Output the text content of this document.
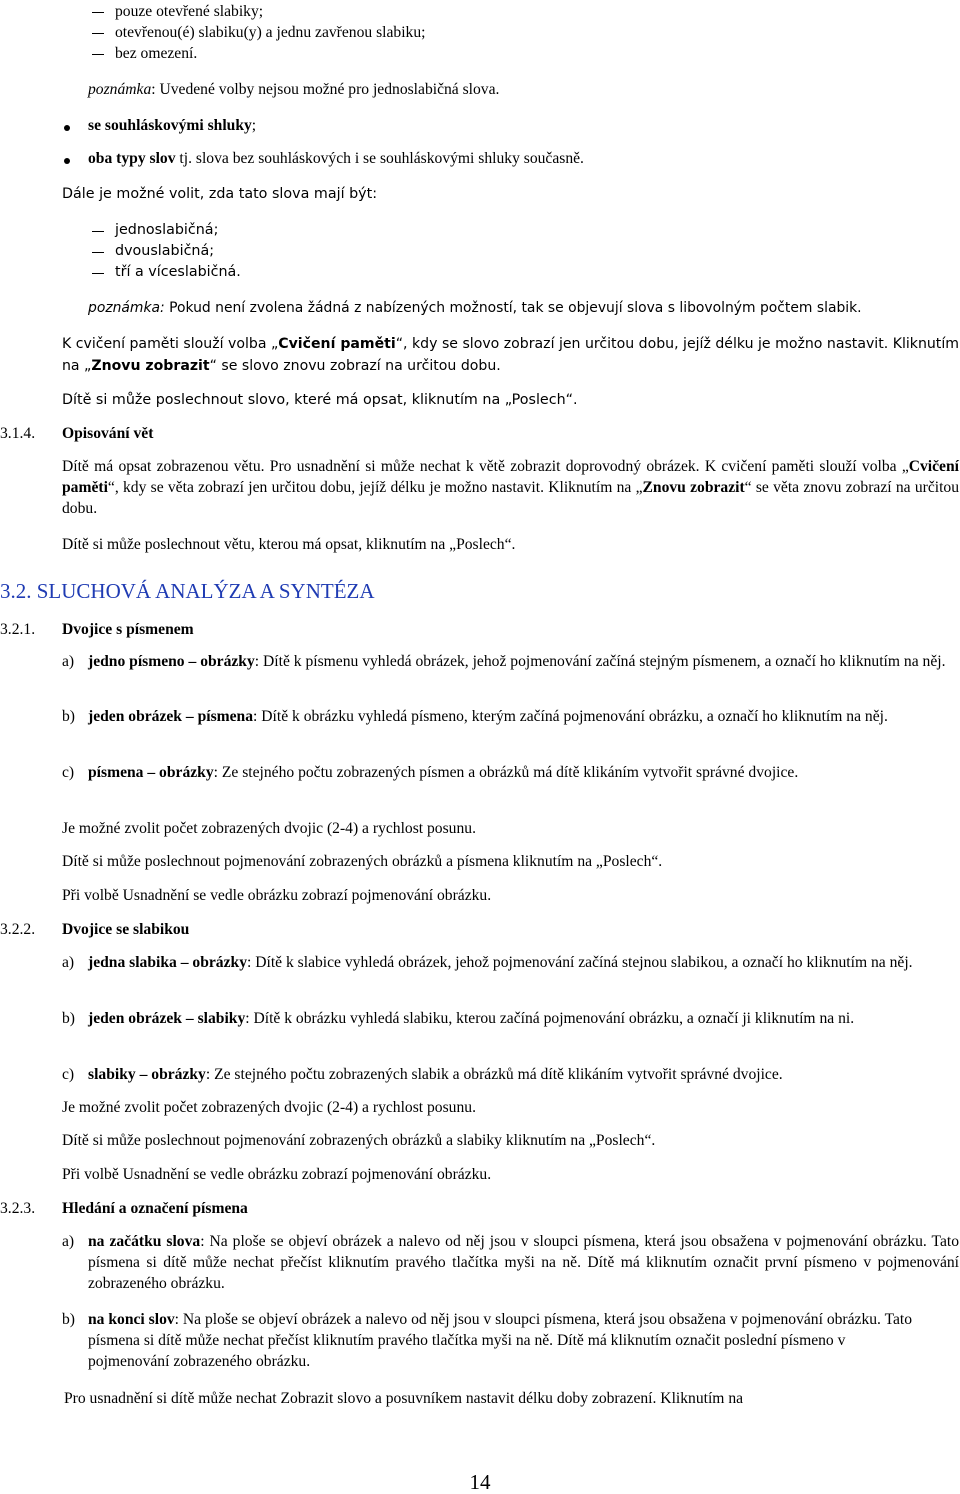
pouze otevřené slabiky;

otevřenou(é) slabiku(y) a jednu zavřenou slabiku;

bez omezení.

poznámka: Uvedené volby nejsou možné pro jednoslabičná slova.

se souhláskovými shluky;

oba typy slov tj. slova bez souhláskových i se souhláskovými shluky současně.

Dále je možné volit, zda tato slova mají být:

jednoslabičná;

dvouslabičná;

tří a víceslabičná.

poznámka: Pokud není zvolena žádná z nabízených možností, tak se objevují slova s libovolným počtem slabik.

K cvičení paměti slouží volba „Cvičení paměti“, kdy se slovo zobrazí jen určitou dobu, jejíž délku je možno nastavit. Kliknutím na „Znovu zobrazit“ se slovo znovu zobrazí na určitou dobu.

Dítě si může poslechnout slovo, které má opsat, kliknutím na „Poslech“.

3.1.4. Opisování vět

Dítě má opsat zobrazenou větu. Pro usnadnění si může nechat k větě zobrazit doprovodný obrázek. K cvičení paměti slouží volba „Cvičení paměti“, kdy se věta zobrazí jen určitou dobu, jejíž délku je možno nastavit. Kliknutím na „Znovu zobrazit“ se věta znovu zobrazí na určitou dobu.

Dítě si může poslechnout větu, kterou má opsat, kliknutím na „Poslech“.

3.2. SLUCHOVÁ ANALÝZA A SYNTÉZA

3.2.1. Dvojice s písmenem

a) jedno písmeno – obrázky: Dítě k písmenu vyhledá obrázek, jehož pojmenování začíná stejným písmenem, a označí ho kliknutím na něj.

b) jeden obrázek – písmena: Dítě k obrázku vyhledá písmeno, kterým začíná pojmenování obrázku, a označí ho kliknutím na něj.

c) písmena – obrázky: Ze stejného počtu zobrazených písmen a obrázků má dítě klikáním vytvořit správné dvojice.

Je možné zvolit počet zobrazených dvojic (2-4) a rychlost posunu.

Dítě si může poslechnout pojmenování zobrazených obrázků a písmena kliknutím na „Poslech“.

Při volbě Usnadnění se vedle obrázku zobrazí pojmenování obrázku.

3.2.2. Dvojice se slabikou

a) jedna slabika – obrázky: Dítě k slabice vyhledá obrázek, jehož pojmenování začíná stejnou slabikou, a označí ho kliknutím na něj.

b) jeden obrázek – slabiky: Dítě k obrázku vyhledá slabiku, kterou začíná pojmenování obrázku, a označí ji kliknutím na ni.

c) slabiky – obrázky: Ze stejného počtu zobrazených slabik a obrázků má dítě klikáním vytvořit správné dvojice.

Je možné zvolit počet zobrazených dvojic (2-4) a rychlost posunu.

Dítě si může poslechnout pojmenování zobrazených obrázků a slabiky kliknutím na „Poslech“.

Při volbě Usnadnění se vedle obrázku zobrazí pojmenování obrázku.

3.2.3. Hledání a označení písmena

a) na začátku slova: Na ploše se objeví obrázek a nalevo od něj jsou v sloupci písmena, která jsou obsažena v pojmenování obrázku. Tato písmena si dítě může nechat přečíst kliknutím pravého tlačítka myši na ně. Dítě má kliknutím označit první písmeno v pojmenování zobrazeného obrázku.

b) na konci slov: Na ploše se objeví obrázek a nalevo od něj jsou v sloupci písmena, která jsou obsažena v pojmenování obrázku. Tato písmena si dítě může nechat přečíst kliknutím pravého tlačítka myši na ně. Dítě má kliknutím označit poslední písmeno v pojmenování zobrazeného obrázku.

Pro usnadnění si dítě může nechat Zobrazit slovo a posuvníkem nastavit délku doby zobrazení. Kliknutím na

14
